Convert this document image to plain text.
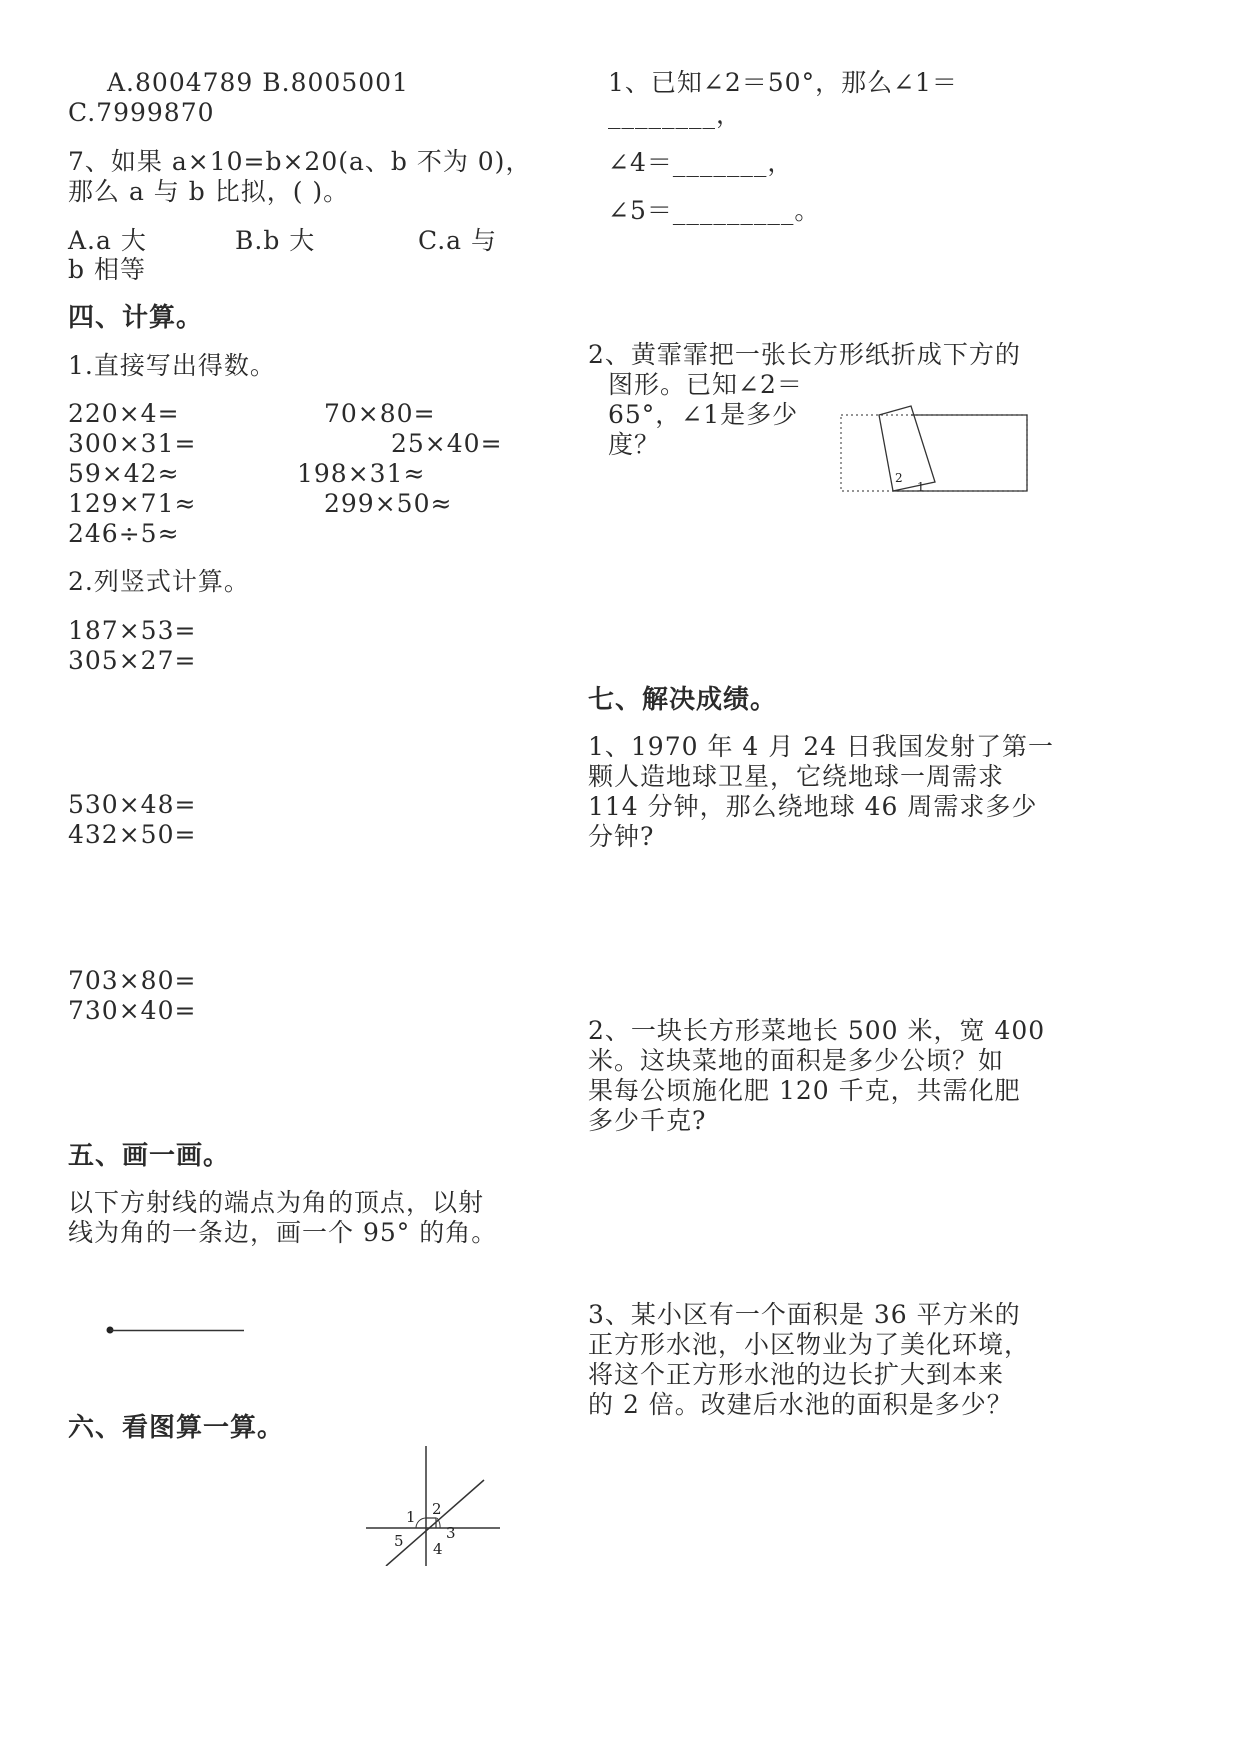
A.8004789 B.8005001
C.7999870
7、如果 a×10=b×20(a、b 不为 0)，
那么 a 与 b 比拟，( )。
A.a 大	B.b 大	C.a 与
b 相等
四、计算。
1.直接写出得数。
220×4=	70×80=
300×31=	25×40=
59×42≈	198×31≈
129×71≈	299×50≈
246÷5≈
2.列竖式计算。
187×53=
305×27=
530×48=
432×50=
703×80=
730×40=
五、画一画。
以下方射线的端点为角的顶点，以射
线为角的一条边，画一个 95° 的角。
六、看图算一算。
1 2
3
4
5
1、已知∠2＝50°，那么∠1＝
________，
∠4＝_______，
∠5＝_________。
2、黄霏霏把一张长方形纸折成下方的
图形。已知∠2＝
65°，∠1是多少
度？
2
1
七、解决成绩。
1、1970 年 4 月 24 日我国发射了第一
颗人造地球卫星，它绕地球一周需求
114 分钟，那么绕地球 46 周需求多少
分钟?
2、一块长方形菜地长 500 米，宽 400
米。这块菜地的面积是多少公顷？如
果每公顷施化肥 120 千克，共需化肥
多少千克?
3、某小区有一个面积是 36 平方米的
正方形水池，小区物业为了美化环境，
将这个正方形水池的边长扩大到本来
的 2 倍。改建后水池的面积是多少？
